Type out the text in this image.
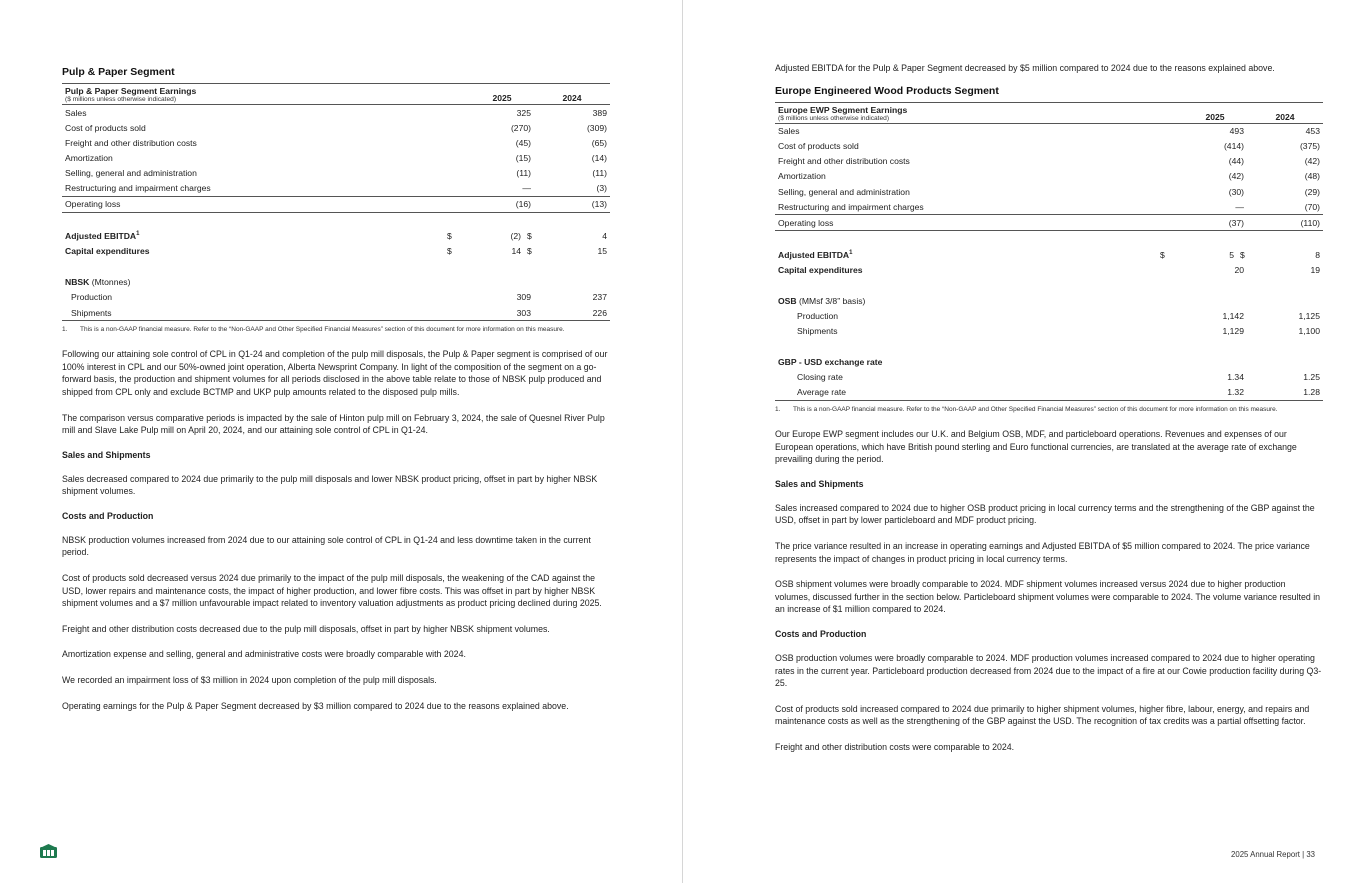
Pulp & Paper Segment
Pulp & Paper Segment Earnings
($ millions unless otherwise indicated)	2025	2024
Sales	325	389
Cost of products sold	(270)	(309)
Freight and other distribution costs	(45)	(65)
Amortization	(15)	(14)
Selling, general and administration	(11)	(11)
Restructuring and impairment charges	—	(3)
Operating loss	(16)	(13)
Adjusted EBITDA$^1$	$	(2) $	4
Capital expenditures	$	14 $	15
NBSK (Mtonnes)
Production	309	237
Shipments	303	226
1.	This is a non-GAAP financial measure. Refer to the “Non-GAAP and Other Specified Financial Measures” section of this document for more information on this measure.

Following our attaining sole control of CPL in Q1-24 and completion of the pulp mill disposals, the Pulp & Paper segment is comprised of our 100% interest in CPL and our 50%-owned joint operation, Alberta Newsprint Company. In light of the composition of the segment on a go-forward basis, the production and shipment volumes for all periods disclosed in the above table relate to those of NBSK pulp produced and shipped from CPL only and exclude BCTMP and UKP pulp amounts related to the disposed pulp mills.

The comparison versus comparative periods is impacted by the sale of Hinton pulp mill on February 3, 2024, the sale of Quesnel River Pulp mill and Slave Lake Pulp mill on April 20, 2024, and our attaining sole control of CPL in Q1-24.

Sales and Shipments

Sales decreased compared to 2024 due primarily to the pulp mill disposals and lower NBSK product pricing, offset in part by higher NBSK shipment volumes.

Costs and Production

NBSK production volumes increased from 2024 due to our attaining sole control of CPL in Q1-24 and less downtime taken in the current period.

Cost of products sold decreased versus 2024 due primarily to the impact of the pulp mill disposals, the weakening of the CAD against the USD, lower repairs and maintenance costs, the impact of higher production, and lower fibre costs. This was offset in part by higher NBSK shipment volumes and a $7 million unfavourable impact related to inventory valuation adjustments as product pricing declined during 2025.

Freight and other distribution costs decreased due to the pulp mill disposals, offset in part by higher NBSK shipment volumes.

Amortization expense and selling, general and administrative costs were broadly comparable with 2024.

We recorded an impairment loss of $3 million in 2024 upon completion of the pulp mill disposals.

Operating earnings for the Pulp & Paper Segment decreased by $3 million compared to 2024 due to the reasons explained above.

Adjusted EBITDA for the Pulp & Paper Segment decreased by $5 million compared to 2024 due to the reasons explained above.

Europe Engineered Wood Products Segment
Europe EWP Segment Earnings
($ millions unless otherwise indicated)	2025	2024
Sales	493	453
Cost of products sold	(414)	(375)
Freight and other distribution costs	(44)	(42)
Amortization	(42)	(48)
Selling, general and administration	(30)	(29)
Restructuring and impairment charges	—	(70)
Operating loss	(37)	(110)
Adjusted EBITDA$^1$	$	5 $	8
Capital expenditures	20	19
OSB (MMsf 3/8” basis)
Production	1,142	1,125
Shipments	1,129	1,100
GBP - USD exchange rate
Closing rate	1.34	1.25
Average rate	1.32	1.28
1.	This is a non-GAAP financial measure. Refer to the “Non-GAAP and Other Specified Financial Measures” section of this document for more information on this measure.

Our Europe EWP segment includes our U.K. and Belgium OSB, MDF, and particleboard operations. Revenues and expenses of our European operations, which have British pound sterling and Euro functional currencies, are translated at the average rate of exchange prevailing during the period.

Sales and Shipments

Sales increased compared to 2024 due to higher OSB product pricing in local currency terms and the strengthening of the GBP against the USD, offset in part by lower particleboard and MDF product pricing.

The price variance resulted in an increase in operating earnings and Adjusted EBITDA of $5 million compared to 2024. The price variance represents the impact of changes in product pricing in local currency terms.

OSB shipment volumes were broadly comparable to 2024. MDF shipment volumes increased versus 2024 due to higher production volumes, discussed further in the section below. Particleboard shipment volumes were comparable to 2024. The volume variance resulted in an increase of $1 million compared to 2024.

Costs and Production

OSB production volumes were broadly comparable to 2024. MDF production volumes increased compared to 2024 due to higher operating rates in the current year. Particleboard production decreased from 2024 due to the impact of a fire at our Cowie production facility during Q3-25.

Cost of products sold increased compared to 2024 due primarily to higher shipment volumes, higher fibre, labour, energy, and repairs and maintenance costs as well as the strengthening of the GBP against the USD. The recognition of tax credits was a partial offsetting factor.

Freight and other distribution costs were comparable to 2024.

2025 Annual Report | 33
